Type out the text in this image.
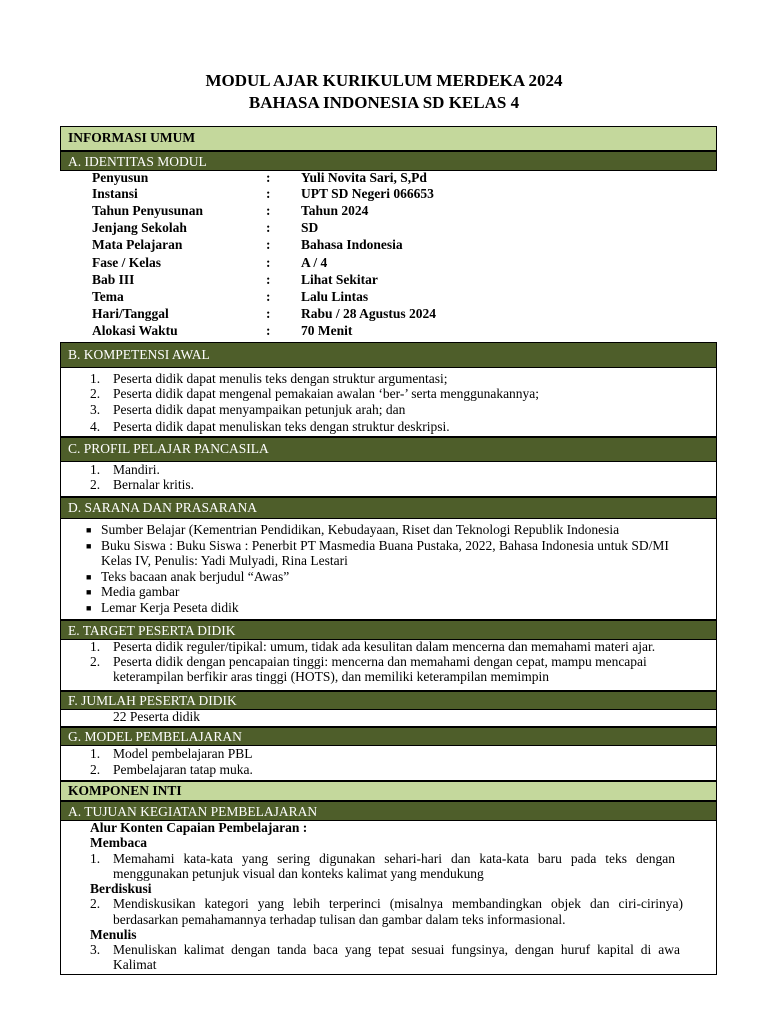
MODUL AJAR KURIKULUM MERDEKA 2024
BAHASA INDONESIA SD KELAS 4
INFORMASI UMUM
A. IDENTITAS MODUL
Penyusun	: Yuli Novita Sari, S,Pd
Instansi	: UPT SD Negeri 066653
Tahun Penyusunan	: Tahun 2024
Jenjang Sekolah	: SD
Mata Pelajaran	: Bahasa Indonesia
Fase / Kelas	: A / 4
Bab III	: Lihat Sekitar
Tema	: Lalu Lintas
Hari/Tanggal	: Rabu / 28 Agustus 2024
Alokasi Waktu	: 70 Menit
B. KOMPETENSI AWAL
1. Peserta didik dapat menulis teks dengan struktur argumentasi;
2. Peserta didik dapat mengenal pemakaian awalan ‘ber-’ serta menggunakannya;
3. Peserta didik dapat menyampaikan petunjuk arah; dan
4. Peserta didik dapat menuliskan teks dengan struktur deskripsi.
C. PROFIL PELAJAR PANCASILA
1. Mandiri.
2. Bernalar kritis.
D. SARANA DAN PRASARANA
■ Sumber Belajar (Kementrian Pendidikan, Kebudayaan, Riset dan Teknologi Republik Indonesia
■ Buku Siswa : Buku Siswa : Penerbit PT Masmedia Buana Pustaka, 2022, Bahasa Indonesia untuk SD/MI
Kelas IV, Penulis: Yadi Mulyadi, Rina Lestari
■ Teks bacaan anak berjudul “Awas”
■ Media gambar
■ Lemar Kerja Peseta didik
E. TARGET PESERTA DIDIK
1. Peserta didik reguler/tipikal: umum, tidak ada kesulitan dalam mencerna dan memahami materi ajar.
2. Peserta didik dengan pencapaian tinggi: mencerna dan memahami dengan cepat, mampu mencapai
keterampilan berfikir aras tinggi (HOTS), dan memiliki keterampilan memimpin
F. JUMLAH PESERTA DIDIK
22 Peserta didik
G. MODEL PEMBELAJARAN
1. Model pembelajaran PBL
2. Pembelajaran tatap muka.
KOMPONEN INTI
A. TUJUAN KEGIATAN PEMBELAJARAN
Alur Konten Capaian Pembelajaran :
Membaca
1. Memahami kata-kata yang sering digunakan sehari-hari dan kata-kata baru pada teks dengan
menggunakan petunjuk visual dan konteks kalimat yang mendukung
Berdiskusi
2. Mendiskusikan kategori yang lebih terperinci (misalnya membandingkan objek dan ciri-cirinya)
berdasarkan pemahamannya terhadap tulisan dan gambar dalam teks informasional.
Menulis
3. Menuliskan kalimat dengan tanda baca yang tepat sesuai fungsinya, dengan huruf kapital di awa
Kalimat
